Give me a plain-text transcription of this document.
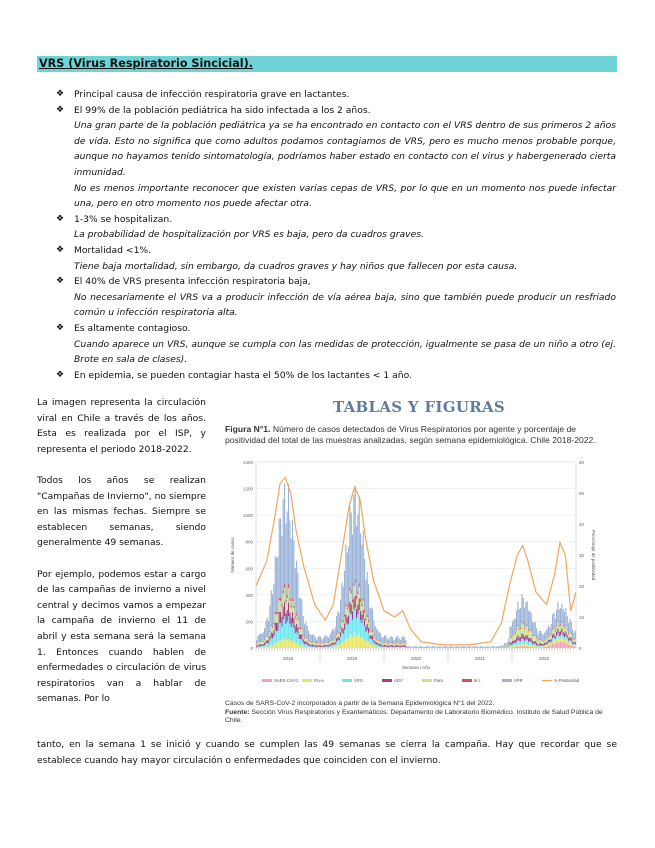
VRS (Virus Respiratorio Sincicial).
❖ Principal causa de infección respiratoria grave en lactantes.
❖ El 99% de la población pediátrica ha sido infectada a los 2 años.
Una gran parte de la población pediátrica ya se ha encontrado en contacto con el VRS dentro de sus primeros 2 años de vida. Esto no significa que como adultos podamos contagiamos de VRS, pero es mucho menos probable porque, aunque no hayamos tenido sintomatología, podríamos haber estado en contacto con el virus y habergenerado cierta inmunidad.
No es menos importante reconocer que existen varias cepas de VRS, por lo que en un momento nos puede infectar una, pero en otro momento nos puede afectar otra.
❖ 1-3% se hospitalizan.
La probabilidad de hospitalización por VRS es baja, pero da cuadros graves.
❖ Mortalidad <1%.
Tiene baja mortalidad, sin embargo, da cuadros graves y hay niños que fallecen por esta causa.
❖ El 40% de VRS presenta infección respiratoria baja,
No necesariamente el VRS va a producir infección de vía aérea baja, sino que también puede producir un resfriado común u infección respiratoria alta.
❖ Es altamente contagioso.
Cuando aparece un VRS, aunque se cumpla con las medidas de protección, igualmente se pasa de un niño a otro (ej. Brote en sala de clases).
❖ En epidemia, se pueden contagiar hasta el 50% de los lactantes < 1 año.

La imagen representa la circulación viral en Chile a través de los años. Esta es realizada por el ISP, y representa el periodo 2018-2022.

Todos los años se realizan "Campañas de Invierno", no siempre en las mismas fechas. Siempre se establecen semanas, siendo generalmente 49 semanas.

Por ejemplo, podemos estar a cargo de las campañas de invierno a nivel central y decimos vamos a empezar la campaña de invierno el 11 de abril y esta semana será la semana 1. Entonces cuando hablen de enfermedades o circulación de virus respiratorios van a hablar de semanas. Por lo

TABLAS Y FIGURAS
Figura N°1. Número de casos detectados de Virus Respiratorios por agente y porcentaje de positividad del total de las muestras analizadas, según semana epidemiológica. Chile 2018-2022.
0
200
400
600
800
1000
1200
1400
0
10
20
30
40
50
60
Número de casos	Porcentaje de positividad
2018	2019	2020	2021	2022
Semana / Año
SARS-CoV-2	Flu-a	VRS	ADV	Para	M.I.	VPR	% Positividad
Casos de SARS-CoV-2 incorporados a partir de la Semana Epidemiológica N°1 del 2022.
Fuente: Sección Virus Respiratorios y Exantemáticos. Departamento de Laboratorio Biomédico. Instituto de Salud Pública de Chile.
tanto, en la semana 1 se inició y cuando se cumplen las 49 semanas se cierra la campaña. Hay que recordar que se establece cuando hay mayor circulación o enfermedades que coinciden con el invierno.
